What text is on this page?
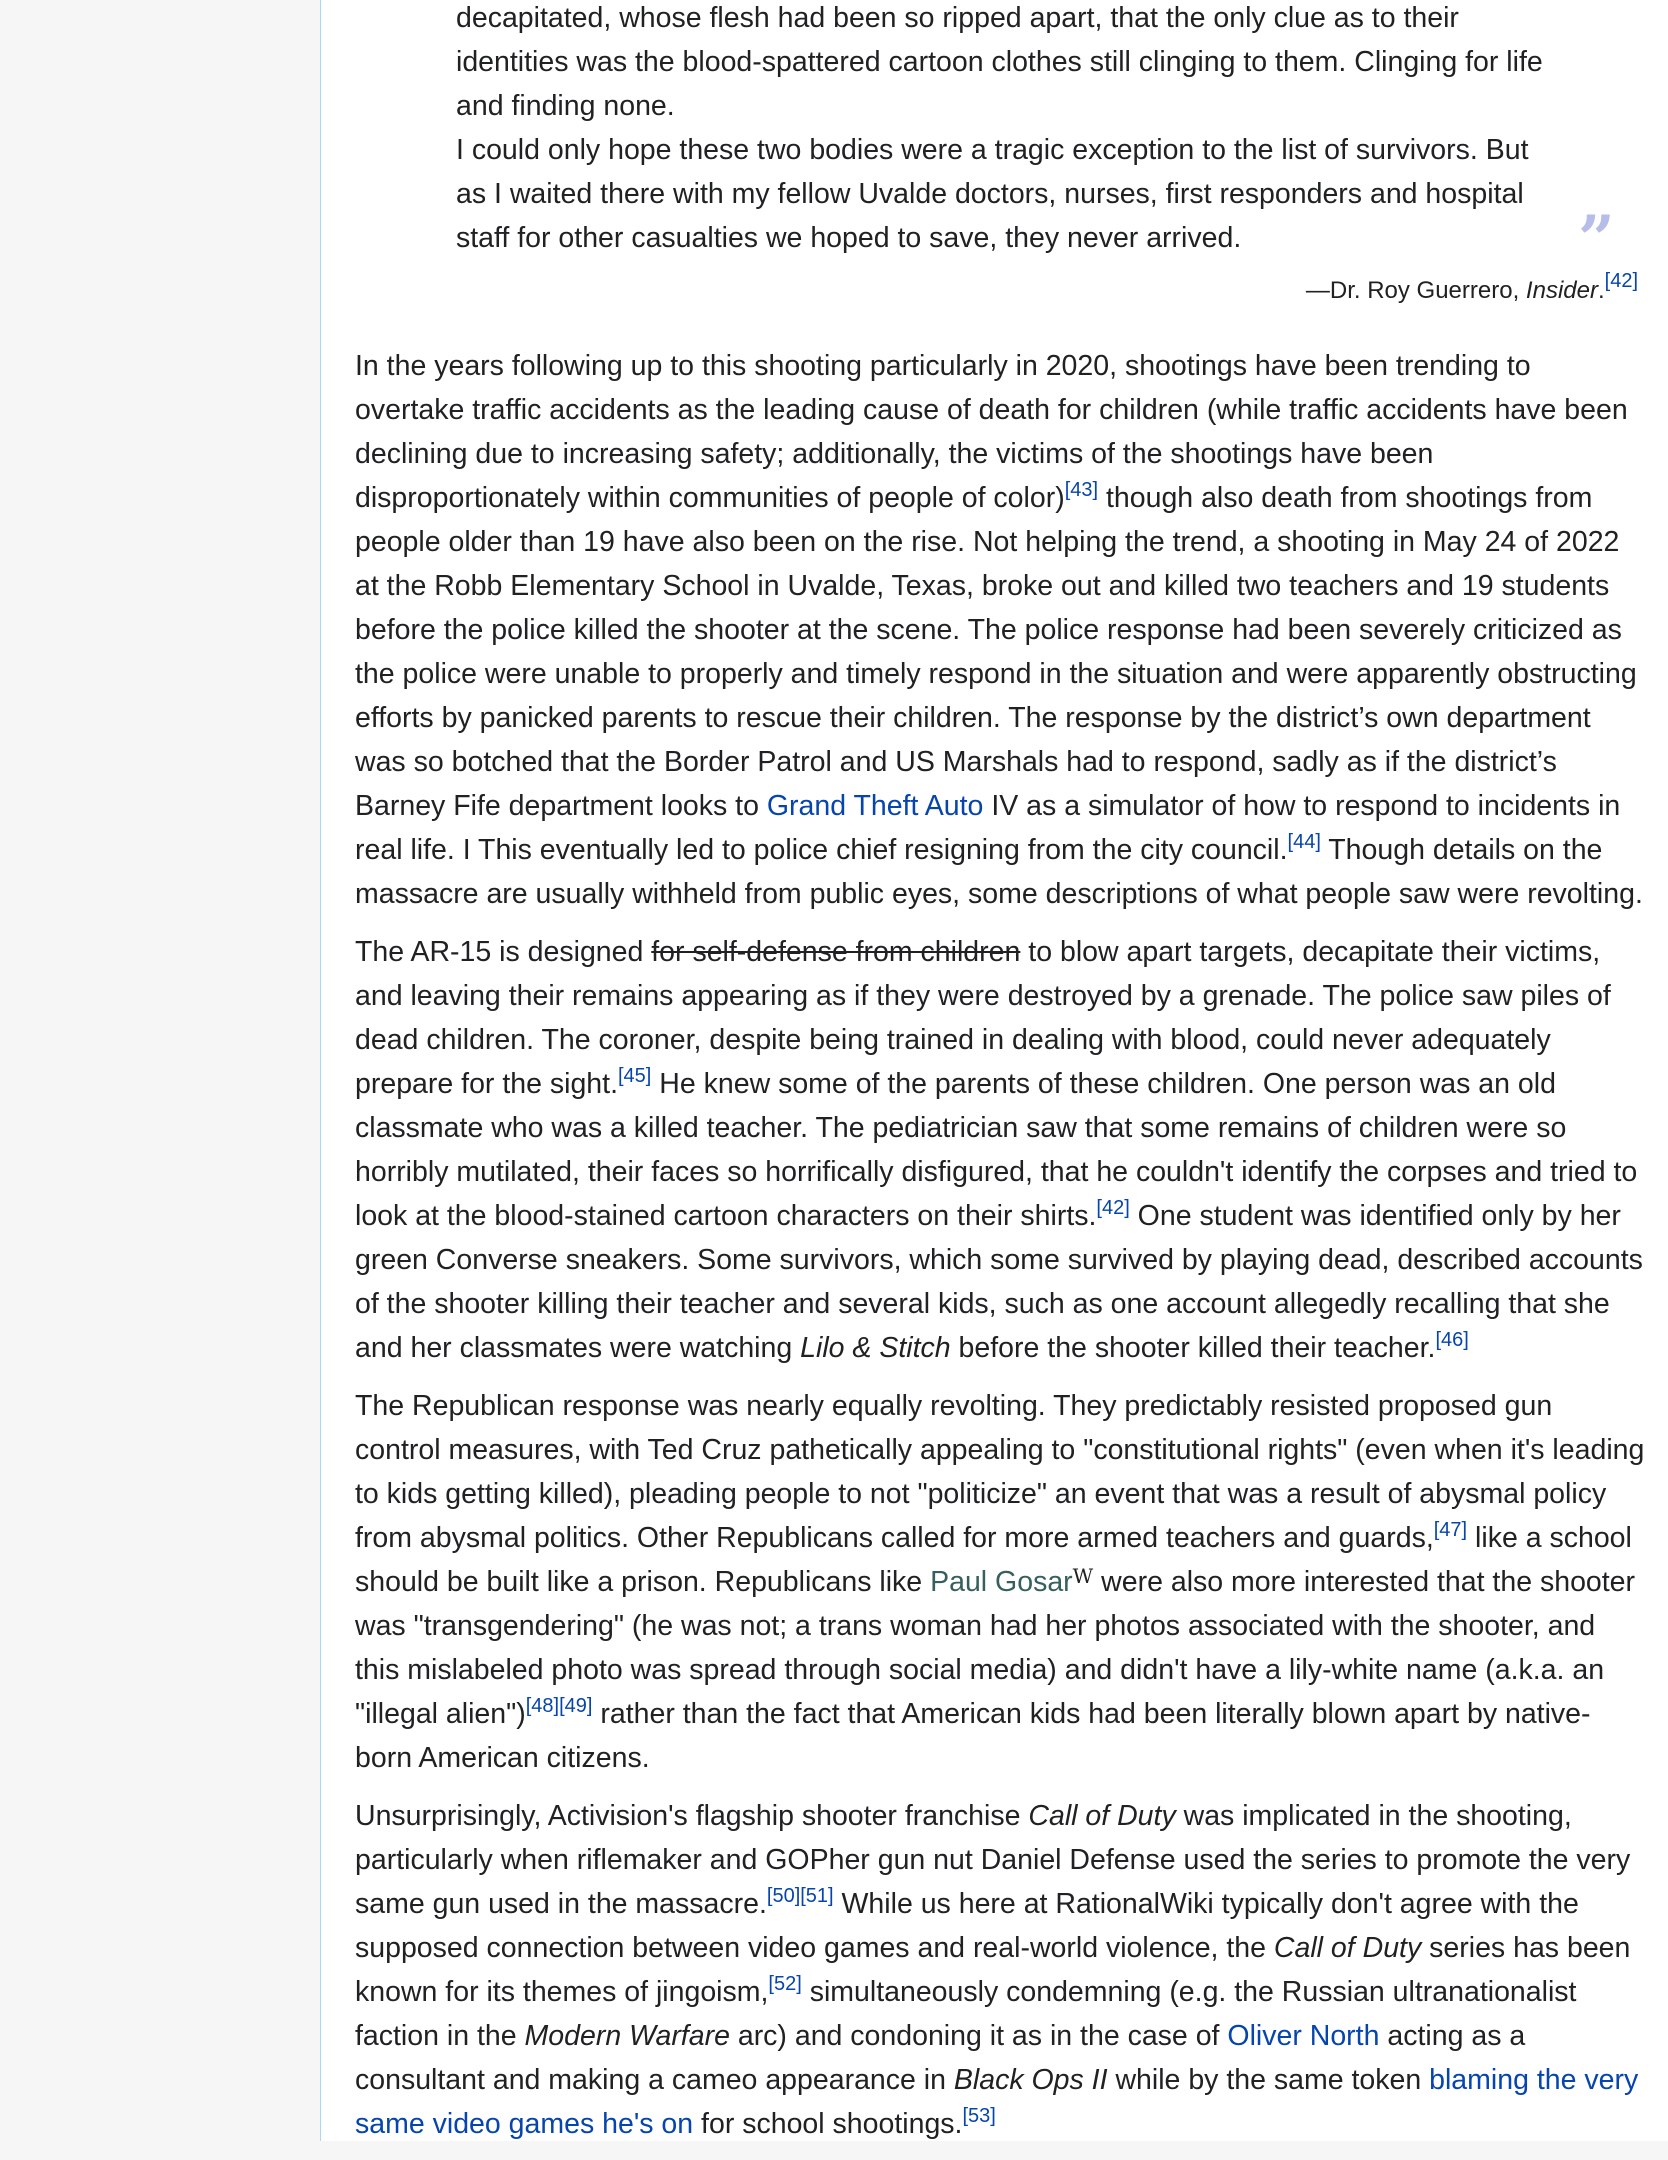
decapitated, whose flesh had been so ripped apart, that the only clue as to their identities was the blood-spattered cartoon clothes still clinging to them. Clinging for life and finding none.

I could only hope these two bodies were a tragic exception to the list of survivors. But as I waited there with my fellow Uvalde doctors, nurses, first responders and hospital staff for other casualties we hoped to save, they never arrived.	”
—Dr. Roy Guerrero, Insider.[42]

In the years following up to this shooting particularly in 2020, shootings have been trending to overtake traffic accidents as the leading cause of death for children (while traffic accidents have been declining due to increasing safety; additionally, the victims of the shootings have been disproportionately within communities of people of color)[43] though also death from shootings from people older than 19 have also been on the rise. Not helping the trend, a shooting in May 24 of 2022 at the Robb Elementary School in Uvalde, Texas, broke out and killed two teachers and 19 students before the police killed the shooter at the scene. The police response had been severely criticized as the police were unable to properly and timely respond in the situation and were apparently obstructing efforts by panicked parents to rescue their children. The response by the district’s own department was so botched that the Border Patrol and US Marshals had to respond, sadly as if the district’s Barney Fife department looks to Grand Theft Auto IV as a simulator of how to respond to incidents in real life. I This eventually led to police chief resigning from the city council.[44] Though details on the massacre are usually withheld from public eyes, some descriptions of what people saw were revolting.

The AR-15 is designed for self-defense from children to blow apart targets, decapitate their victims, and leaving their remains appearing as if they were destroyed by a grenade. The police saw piles of dead children. The coroner, despite being trained in dealing with blood, could never adequately prepare for the sight.[45] He knew some of the parents of these children. One person was an old classmate who was a killed teacher. The pediatrician saw that some remains of children were so horribly mutilated, their faces so horrifically disfigured, that he couldn't identify the corpses and tried to look at the blood-stained cartoon characters on their shirts.[42] One student was identified only by her green Converse sneakers. Some survivors, which some survived by playing dead, described accounts of the shooter killing their teacher and several kids, such as one account allegedly recalling that she and her classmates were watching Lilo & Stitch before the shooter killed their teacher.[46]

The Republican response was nearly equally revolting. They predictably resisted proposed gun control measures, with Ted Cruz pathetically appealing to "constitutional rights" (even when it's leading to kids getting killed), pleading people to not "politicize" an event that was a result of abysmal policy from abysmal politics. Other Republicans called for more armed teachers and guards,[47] like a school should be built like a prison. Republicans like Paul Gosar$^W$ were also more interested that the shooter was "transgendering" (he was not; a trans woman had her photos associated with the shooter, and this mislabeled photo was spread through social media) and didn't have a lily-white name (a.k.a. an "illegal alien")[48][49] rather than the fact that American kids had been literally blown apart by native-born American citizens.

Unsurprisingly, Activision's flagship shooter franchise Call of Duty was implicated in the shooting, particularly when riflemaker and GOPher gun nut Daniel Defense used the series to promote the very same gun used in the massacre.[50][51] While us here at RationalWiki typically don't agree with the supposed connection between video games and real-world violence, the Call of Duty series has been known for its themes of jingoism,[52] simultaneously condemning (e.g. the Russian ultranationalist faction in the Modern Warfare arc) and condoning it as in the case of Oliver North acting as a consultant and making a cameo appearance in Black Ops II while by the same token blaming the very same video games he's on for school shootings.[53]
